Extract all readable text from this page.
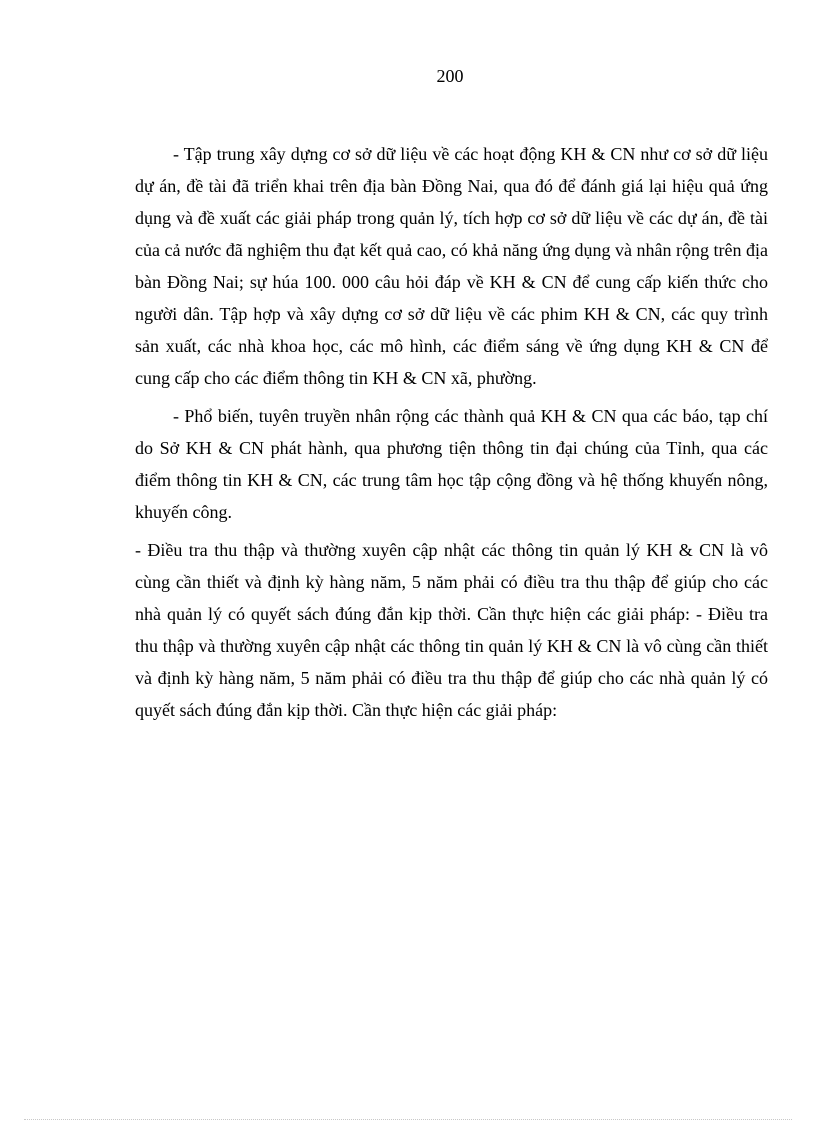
200

- Tập trung xây dựng cơ sở dữ liệu về các hoạt động KH & CN như cơ sở dữ liệu dự án, đề tài đã triển khai trên địa bàn Đồng Nai, qua đó để đánh giá lại hiệu quả ứng dụng và đề xuất các giải pháp trong quản lý, tích hợp cơ sở dữ liệu về các dự án, đề tài của cả nước đã nghiệm thu đạt kết quả cao, có khả năng ứng dụng và nhân rộng trên địa bàn Đồng Nai; sự húa 100. 000 câu hỏi đáp về KH & CN để cung cấp kiến thức cho người dân. Tập hợp và xây dựng cơ sở dữ liệu về các phim KH & CN, các quy trình sản xuất, các nhà khoa học, các mô hình, các điểm sáng về ứng dụng KH & CN để cung cấp cho các điểm thông tin KH & CN xã, phường.

- Phổ biến, tuyên truyền nhân rộng các thành quả KH & CN qua các báo, tạp chí do Sở KH & CN phát hành, qua phương tiện thông tin đại chúng của Tỉnh, qua các điểm thông tin KH & CN, các trung tâm học tập cộng đồng và hệ thống khuyến nông, khuyến công.

- Điều tra thu thập và thường xuyên cập nhật các thông tin quản lý KH & CN là vô cùng cần thiết và định kỳ hàng năm, 5 năm phải có điều tra thu thập để giúp cho các nhà quản lý có quyết sách đúng đắn kịp thời. Cần thực hiện các giải pháp: - Điều tra thu thập và thường xuyên cập nhật các thông tin quản lý KH & CN là vô cùng cần thiết và định kỳ hàng năm, 5 năm phải có điều tra thu thập để giúp cho các nhà quản lý có quyết sách đúng đắn kịp thời. Cần thực hiện các giải pháp:
